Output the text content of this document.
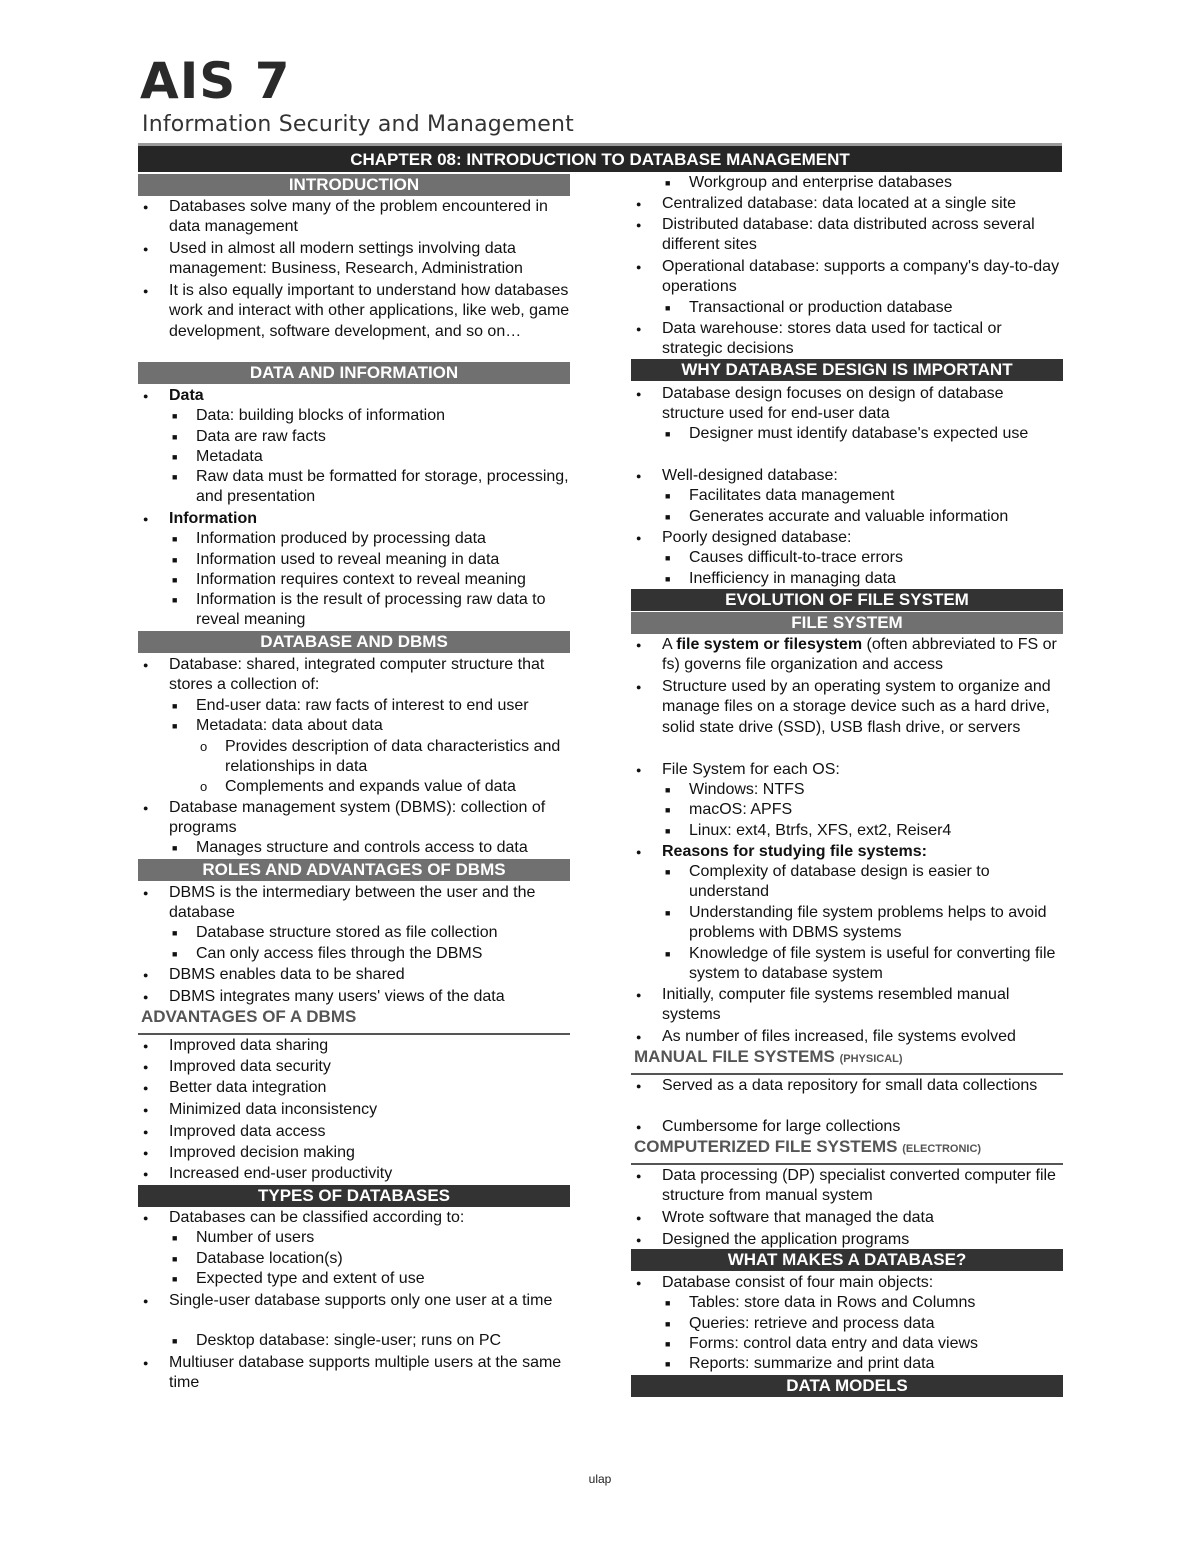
AIS 7
Information Security and Management
CHAPTER 08: INTRODUCTION TO DATABASE MANAGEMENT
INTRODUCTION
● Databases solve many of the problem encountered in data management
● Used in almost all modern settings involving data management: Business, Research, Administration
● It is also equally important to understand how databases work and interact with other applications, like web, game development, software development, and so on…
DATA AND INFORMATION
● Data
■ Data: building blocks of information
■ Data are raw facts
■ Metadata
■ Raw data must be formatted for storage, processing, and presentation
● Information
■ Information produced by processing data
■ Information used to reveal meaning in data
■ Information requires context to reveal meaning
■ Information is the result of processing raw data to reveal meaning
DATABASE AND DBMS
● Database: shared, integrated computer structure that stores a collection of:
■ End-user data: raw facts of interest to end user
■ Metadata: data about data
o Provides description of data characteristics and relationships in data
o Complements and expands value of data
● Database management system (DBMS): collection of programs
■ Manages structure and controls access to data
ROLES AND ADVANTAGES OF DBMS
● DBMS is the intermediary between the user and the database
■ Database structure stored as file collection
■ Can only access files through the DBMS
● DBMS enables data to be shared
● DBMS integrates many users' views of the data
ADVANTAGES OF A DBMS
● Improved data sharing
● Improved data security
● Better data integration
● Minimized data inconsistency
● Improved data access
● Improved decision making
● Increased end-user productivity
TYPES OF DATABASES
● Databases can be classified according to:
■ Number of users
■ Database location(s)
■ Expected type and extent of use
● Single-user database supports only one user at a time
■ Desktop database: single-user; runs on PC
● Multiuser database supports multiple users at the same time
■ Workgroup and enterprise databases
● Centralized database: data located at a single site
● Distributed database: data distributed across several different sites
● Operational database: supports a company's day-to-day operations
■ Transactional or production database
● Data warehouse: stores data used for tactical or strategic decisions
WHY DATABASE DESIGN IS IMPORTANT
● Database design focuses on design of database structure used for end-user data
■ Designer must identify database's expected use
● Well-designed database:
■ Facilitates data management
■ Generates accurate and valuable information
● Poorly designed database:
■ Causes difficult-to-trace errors
■ Inefficiency in managing data
EVOLUTION OF FILE SYSTEM
FILE SYSTEM
● A file system or filesystem (often abbreviated to FS or fs) governs file organization and access
● Structure used by an operating system to organize and manage files on a storage device such as a hard drive, solid state drive (SSD), USB flash drive, or servers
● File System for each OS:
■ Windows: NTFS
■ macOS: APFS
■ Linux: ext4, Btrfs, XFS, ext2, Reiser4
● Reasons for studying file systems:
■ Complexity of database design is easier to understand
■ Understanding file system problems helps to avoid problems with DBMS systems
■ Knowledge of file system is useful for converting file system to database system
● Initially, computer file systems resembled manual systems
● As number of files increased, file systems evolved
MANUAL FILE SYSTEMS (PHYSICAL)
● Served as a data repository for small data collections
● Cumbersome for large collections
COMPUTERIZED FILE SYSTEMS (ELECTRONIC)
● Data processing (DP) specialist converted computer file structure from manual system
● Wrote software that managed the data
● Designed the application programs
WHAT MAKES A DATABASE?
● Database consist of four main objects:
■ Tables: store data in Rows and Columns
■ Queries: retrieve and process data
■ Forms: control data entry and data views
■ Reports: summarize and print data
DATA MODELS
ulap
